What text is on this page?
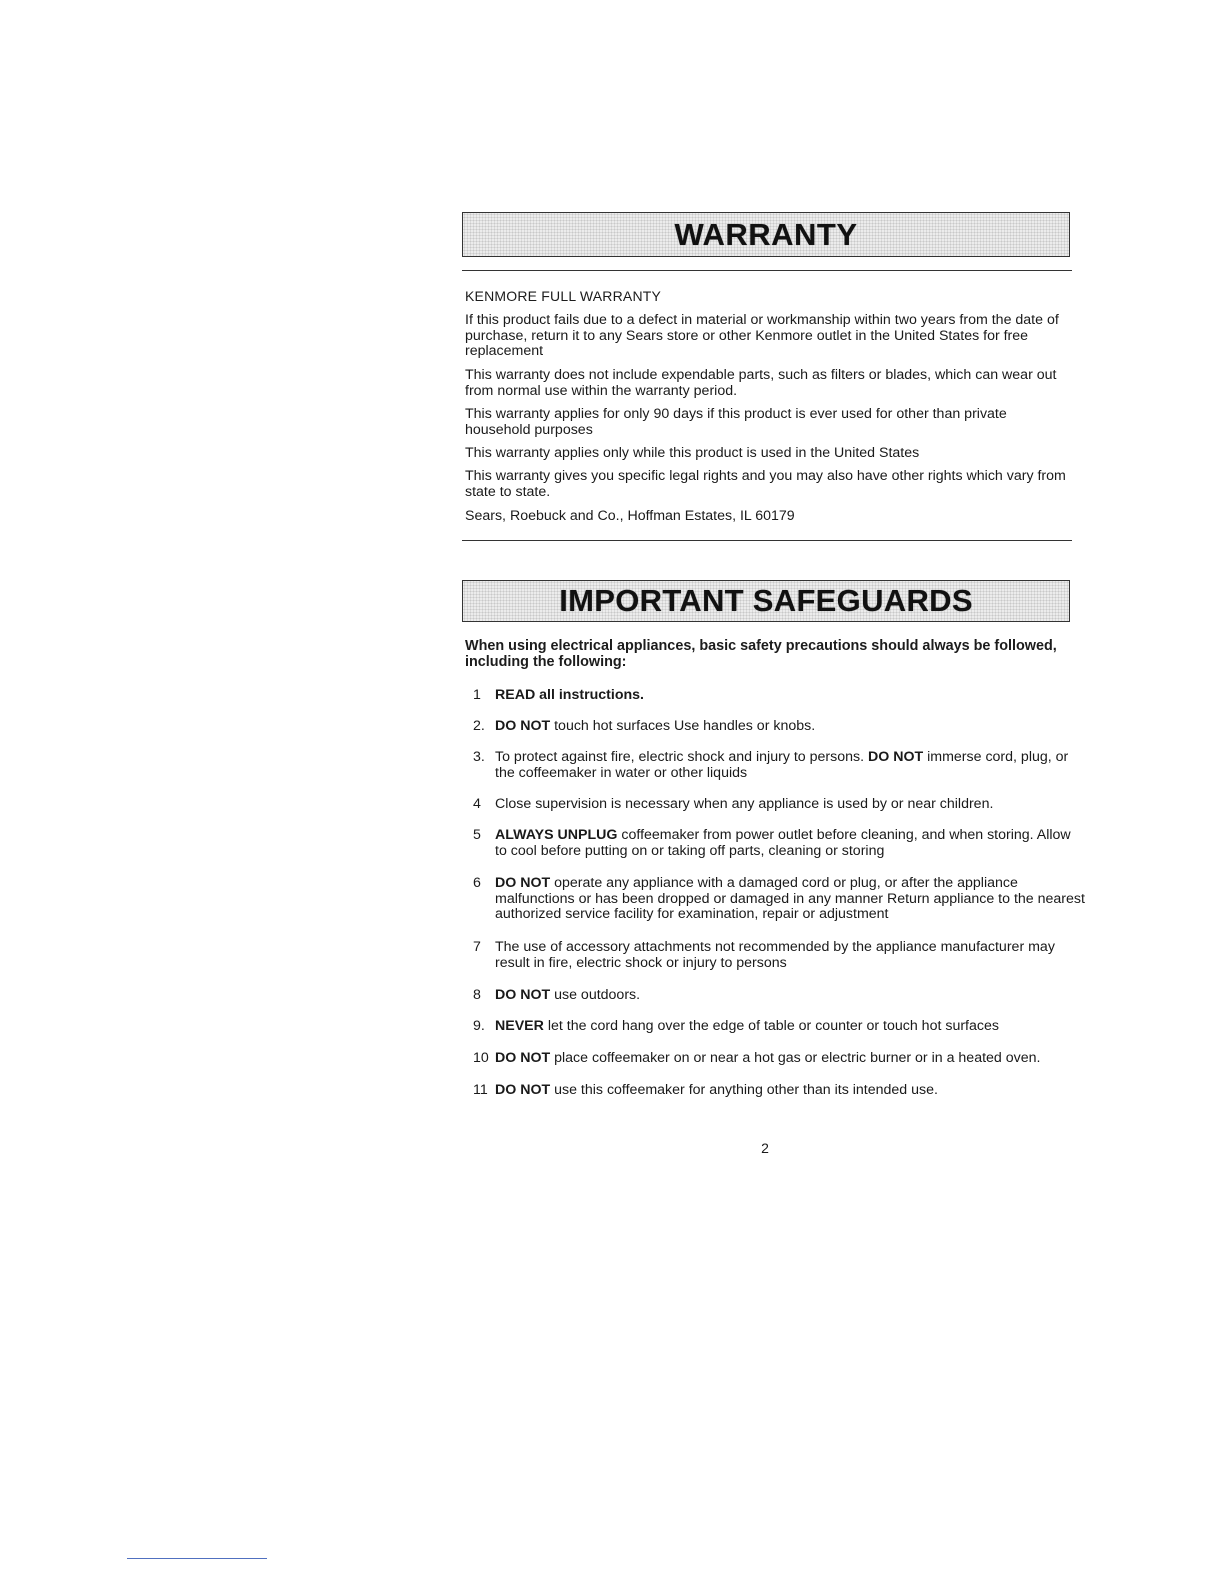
WARRANTY
KENMORE FULL WARRANTY

If this product fails due to a defect in material or workmanship within two years from the date of purchase, return it to any Sears store or other Kenmore outlet in the United States for free replacement

This warranty does not include expendable parts, such as filters or blades, which can wear out from normal use within the warranty period.

This warranty applies for only 90 days if this product is ever used for other than private household purposes

This warranty applies only while this product is used in the United States

This warranty gives you specific legal rights and you may also have other rights which vary from state to state.

Sears, Roebuck and Co., Hoffman Estates, IL 60179

IMPORTANT SAFEGUARDS
When using electrical appliances, basic safety precautions should always be followed, including the following:
1 READ all instructions.
2. DO NOT touch hot surfaces Use handles or knobs.
3. To protect against fire, electric shock and injury to persons. DO NOT immerse cord, plug, or the coffeemaker in water or other liquids
4 Close supervision is necessary when any appliance is used by or near children.
5 ALWAYS UNPLUG coffeemaker from power outlet before cleaning, and when storing. Allow to cool before putting on or taking off parts, cleaning or storing
6 DO NOT operate any appliance with a damaged cord or plug, or after the appliance malfunctions or has been dropped or damaged in any manner Return appliance to the nearest authorized service facility for examination, repair or adjustment
7 The use of accessory attachments not recommended by the appliance manufacturer may result in fire, electric shock or injury to persons
8 DO NOT use outdoors.
9. NEVER let the cord hang over the edge of table or counter or touch hot surfaces
10 DO NOT place coffeemaker on or near a hot gas or electric burner or in a heated oven.
11 DO NOT use this coffeemaker for anything other than its intended use.
2
